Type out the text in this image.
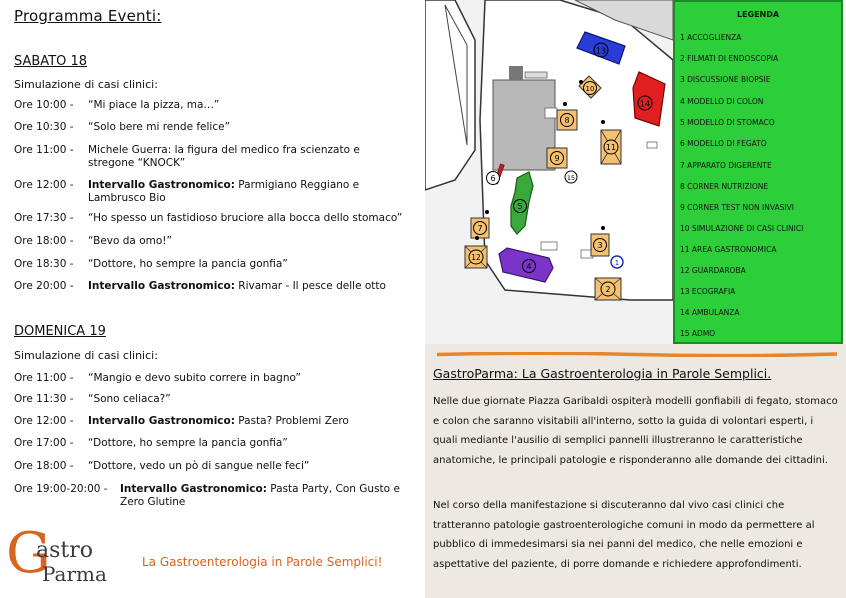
Programma Eventi:
SABATO 18
Simulazione di casi clinici:
Ore 10:00 - “Mi piace la pizza, ma…”
Ore 10:30 - “Solo bere mi rende felice”
Ore 11:00 - Michele Guerra: la figura del medico fra scienzato e stregone “KNOCK”
Ore 12:00 - Intervallo Gastronomico: Parmigiano Reggiano e Lambrusco Bio
Ore 17:30 - “Ho spesso un fastidioso bruciore alla bocca dello stomaco”
Ore 18:00 - “Bevo da omo!”
Ore 18:30 - “Dottore, ho sempre la pancia gonfia”
Ore 20:00 - Intervallo Gastronomico: Rivamar - Il pesce delle otto
DOMENICA 19
Simulazione di casi clinici:
Ore 11:00 - “Mangio e devo subito correre in bagno”
Ore 11:30 - “Sono celiaca?”
Ore 12:00 - Intervallo Gastronomico: Pasta? Problemi Zero
Ore 17:00 - “Dottore, ho sempre la pancia gonfia”
Ore 18:00 - “Dottore, vedo un pò di sangue nelle feci”
Ore 19:00-20:00 - Intervallo Gastronomico: Pasta Party, Con Gusto e Zero Glutine
G
astro
Parma	La Gastroenterologia in Parole Semplici!
13
14
10
8
11
9
15
6
5
7
12
4
3
1
2
LEGENDA
1 ACCOGLIENZA
2 FILMATI DI ENDOSCOPIA
3 DISCUSSIONE BIOPSIE
4 MODELLO DI COLON
5 MODELLO DI STOMACO
6 MODELLO DI FEGATO
7 APPARATO DIGERENTE
8 CORNER NUTRIZIONE
9 CORNER TEST NON INVASIVI
10 SIMULAZIONE DI CASI CLINICI
11 AREA GASTRONOMICA
12 GUARDAROBA
13 ECOGRAFIA
14 AMBULANZA
15 ADMO
GastroParma: La Gastroenterologia in Parole Semplici.
Nelle due giornate Piazza Garibaldi ospiterà modelli gonfiabili di fegato, stomaco e colon che saranno visitabili all'interno, sotto la guida di volontari esperti, i quali mediante l'ausilio di semplici pannelli illustreranno le caratteristiche anatomiche, le principali patologie e risponderanno alle domande dei cittadini.
Nel corso della manifestazione si discuteranno dal vivo casi clinici che tratteranno patologie gastroenterologiche comuni in modo da permettere al pubblico di immedesimarsi sia nei panni del medico, che nelle emozioni e aspettative del paziente, di porre domande e richiedere approfondimenti.
